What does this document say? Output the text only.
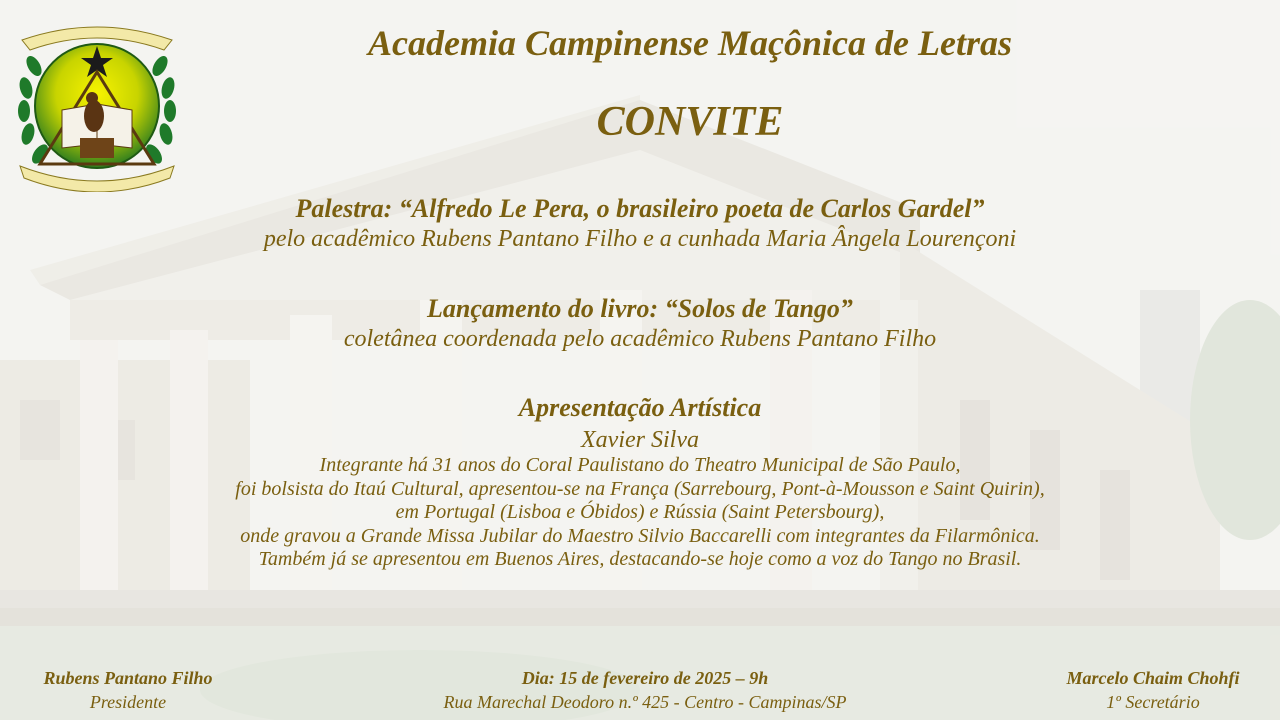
Academia Campinense Maçônica de Letras
CONVITE
Palestra: “Alfredo Le Pera, o brasileiro poeta de Carlos Gardel”
pelo acadêmico Rubens Pantano Filho e a cunhada Maria Ângela Lourençoni
Lançamento do livro: “Solos de Tango”
coletânea coordenada pelo acadêmico Rubens Pantano Filho
Apresentação Artística
Xavier Silva
Integrante há 31 anos do Coral Paulistano do Theatro Municipal de São Paulo,
foi bolsista do Itaú Cultural, apresentou-se na França (Sarrebourg, Pont-à-Mousson e Saint Quirin),
em Portugal (Lisboa e Óbidos) e Rússia (Saint Petersbourg),
onde gravou a Grande Missa Jubilar do Maestro Silvio Baccarelli com integrantes da Filarmônica.
Também já se apresentou em Buenos Aires, destacando-se hoje como a voz do Tango no Brasil.
Rubens Pantano Filho
Presidente
Dia: 15 de fevereiro de 2025 – 9h
Rua Marechal Deodoro n.º 425 - Centro - Campinas/SP
Marcelo Chaim Chohfi
1º Secretário
